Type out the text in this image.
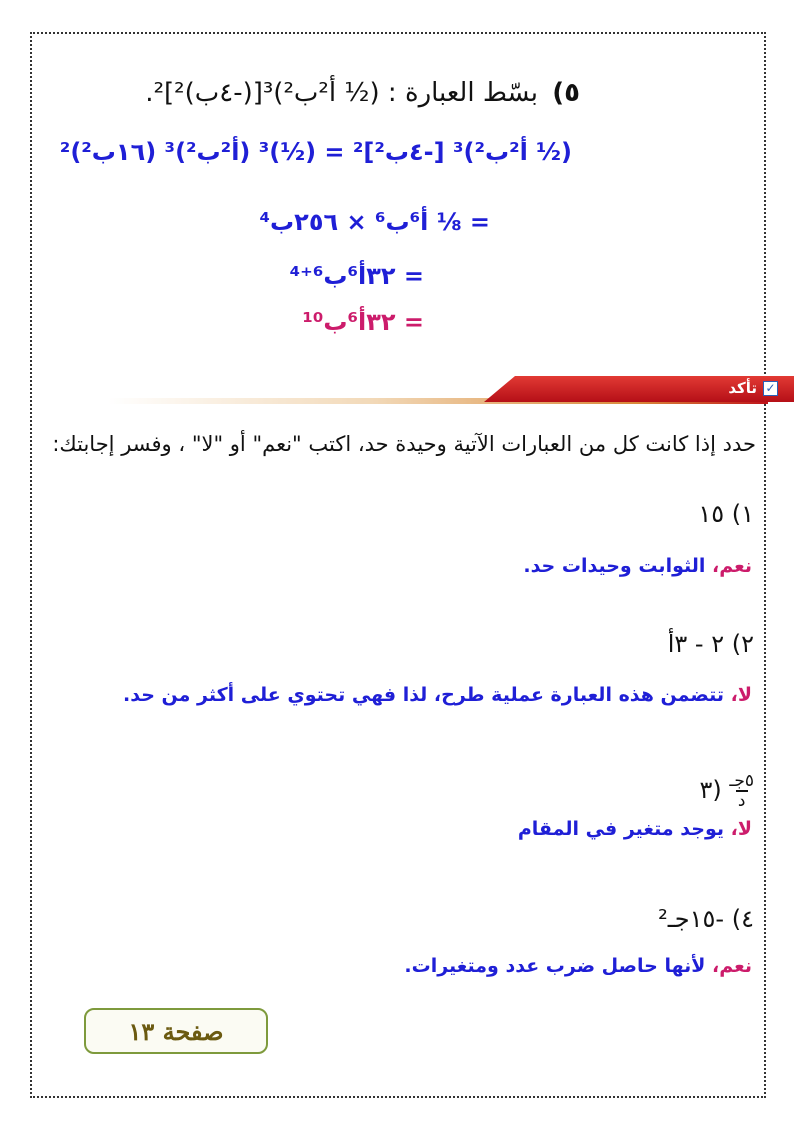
٥) بسّط العبارة : (½ أ²ب²)³[(-٤ب)²]².
(½ أ²ب²)³ [-٤ب²]² = (½)³ (أ²ب²)³ (١٦ب²)²
= ⅛ أ⁶ب⁶ × ٢٥٦ب⁴
= ٣٢أ⁶ب⁶⁺⁴
= ٣٢أ⁶ب¹⁰
✓
تأكد
حدد إذا كانت كل من العبارات الآتية وحيدة حد، اكتب "نعم" أو "لا" ، وفسر إجابتك:
١) ١٥
نعم، الثوابت وحيدات حد.
٢) ٢ - ٣أ
لا، تتضمن هذه العبارة عملية طرح، لذا فهي تحتوي على أكثر من حد.
٣) $\frac{\text{٥جـ}}{\text{د}}$
لا، يوجد متغير في المقام
٤) -١٥جـ²
نعم، لأنها حاصل ضرب عدد ومتغيرات.
صفحة ١٣
